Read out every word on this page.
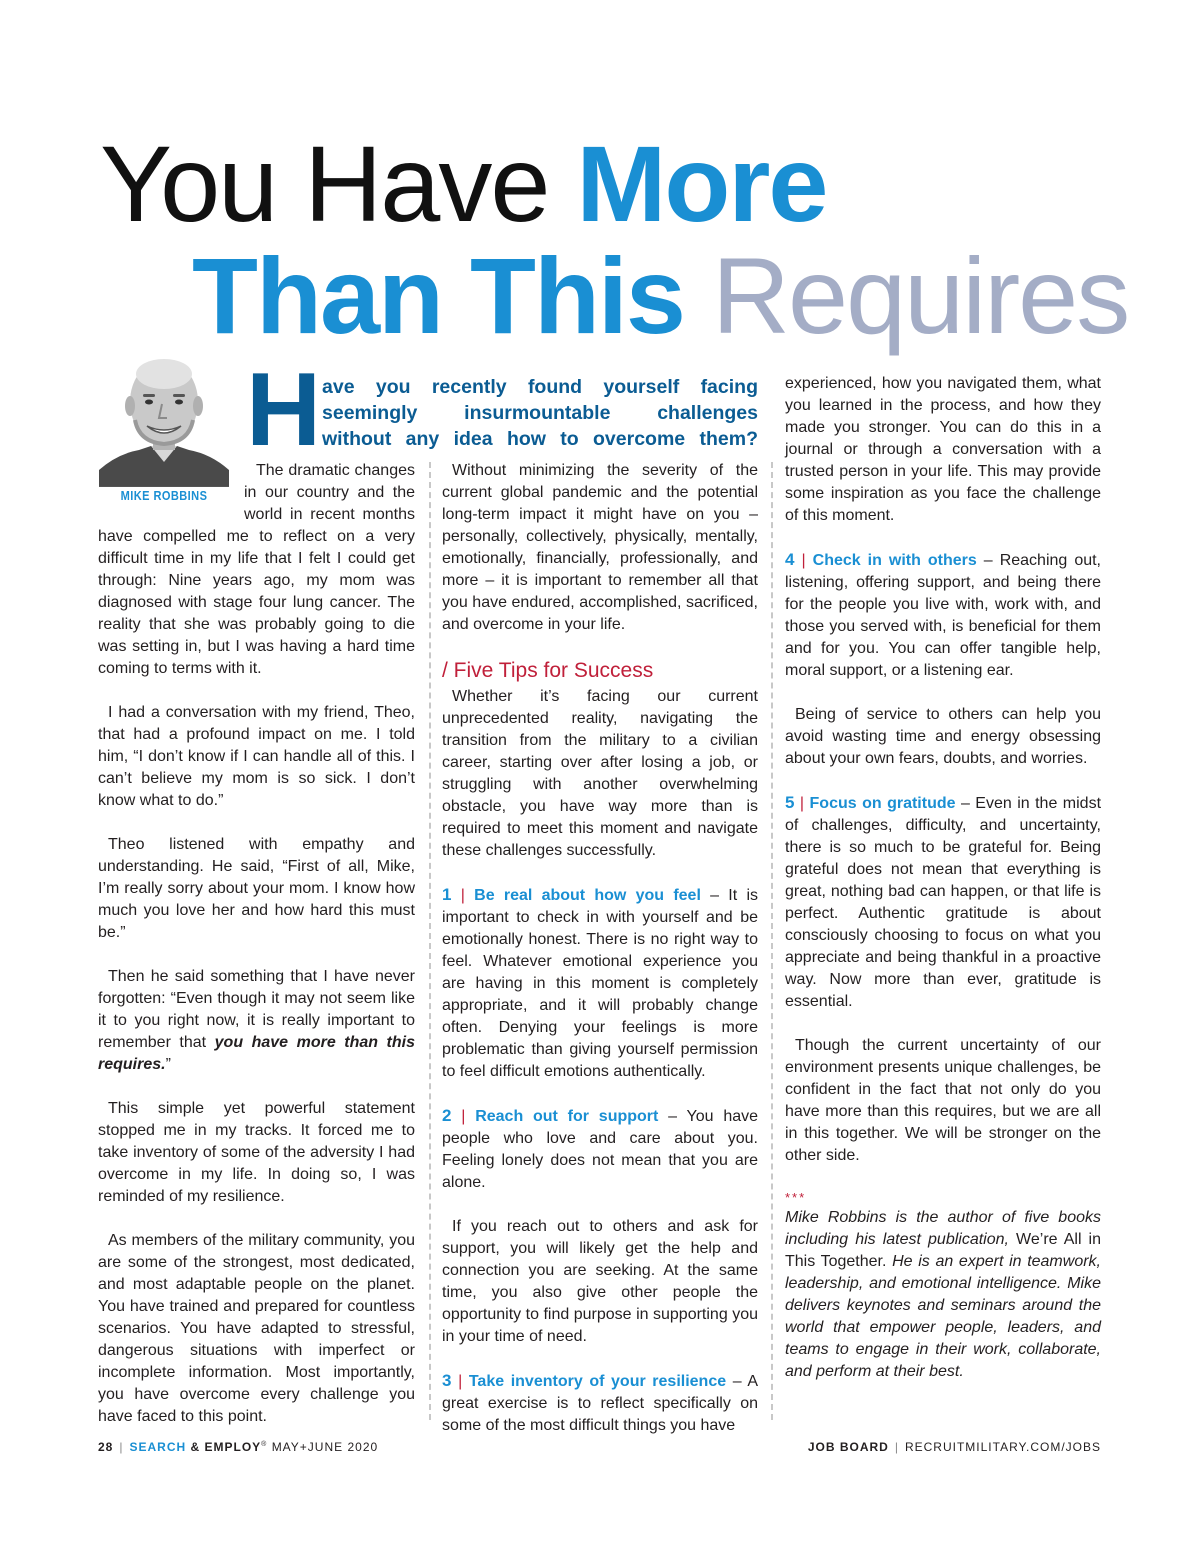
You Have More
Than This Requires
MIKE ROBBINS
H ave you recently found yourself facing
seemingly insurmountable challenges
without any idea how to overcome them?

The dramatic changes in our country and the world in recent months have compelled me to reflect on a very difficult time in my life that I felt I could get through: Nine years ago, my mom was diagnosed with stage four lung cancer. The reality that she was probably going to die was setting in, but I was having a hard time coming to terms with it.

I had a conversation with my friend, Theo, that had a profound impact on me. I told him, “I don’t know if I can handle all of this. I can’t believe my mom is so sick. I don’t know what to do.”

Theo listened with empathy and understanding. He said, “First of all, Mike, I’m really sorry about your mom. I know how much you love her and how hard this must be.”

Then he said something that I have never forgotten: “Even though it may not seem like it to you right now, it is really important to remember that you have more than this requires.”

This simple yet powerful statement stopped me in my tracks. It forced me to take inventory of some of the adversity I had overcome in my life. In doing so, I was reminded of my resilience.

As members of the military community, you are some of the strongest, most dedicated, and most adaptable people on the planet. You have trained and prepared for countless scenarios. You have adapted to stressful, dangerous situations with imperfect or incomplete information. Most importantly, you have overcome every challenge you have faced to this point.

Without minimizing the severity of the current global pandemic and the potential long-term impact it might have on you – personally, collectively, physically, mentally, emotionally, financially, professionally, and more – it is important to remember all that you have endured, accomplished, sacrificed, and overcome in your life.

/ Five Tips for Success

Whether it’s facing our current unprecedented reality, navigating the transition from the military to a civilian career, starting over after losing a job, or struggling with another overwhelming obstacle, you have way more than is required to meet this moment and navigate these challenges successfully.

1 | Be real about how you feel – It is important to check in with yourself and be emotionally honest. There is no right way to feel. Whatever emotional experience you are having in this moment is completely appropriate, and it will probably change often. Denying your feelings is more problematic than giving yourself permission to feel difficult emotions authentically.

2 | Reach out for support – You have people who love and care about you. Feeling lonely does not mean that you are alone.

If you reach out to others and ask for support, you will likely get the help and connection you are seeking. At the same time, you also give other people the opportunity to find purpose in supporting you in your time of need.

3 | Take inventory of your resilience – A great exercise is to reflect specifically on some of the most difficult things you have

experienced, how you navigated them, what you learned in the process, and how they made you stronger. You can do this in a journal or through a conversation with a trusted person in your life. This may provide some inspiration as you face the challenge of this moment.

4 | Check in with others – Reaching out, listening, offering support, and being there for the people you live with, work with, and those you served with, is beneficial for them and for you. You can offer tangible help, moral support, or a listening ear.

Being of service to others can help you avoid wasting time and energy obsessing about your own fears, doubts, and worries.

5 | Focus on gratitude – Even in the midst of challenges, difficulty, and uncertainty, there is so much to be grateful for. Being grateful does not mean that everything is great, nothing bad can happen, or that life is perfect. Authentic gratitude is about consciously choosing to focus on what you appreciate and being thankful in a proactive way. Now more than ever, gratitude is essential.

Though the current uncertainty of our environment presents unique challenges, be confident in the fact that not only do you have more than this requires, but we are all in this together. We will be stronger on the other side.

***

Mike Robbins is the author of five books including his latest publication, We’re All in This Together. He is an expert in teamwork, leadership, and emotional intelligence. Mike delivers keynotes and seminars around the world that empower people, leaders, and teams to engage in their work, collaborate, and perform at their best.

28 | SEARCH & EMPLOY® MAY+JUNE 2020	JOB BOARD | RECRUITMILITARY.COM/JOBS
